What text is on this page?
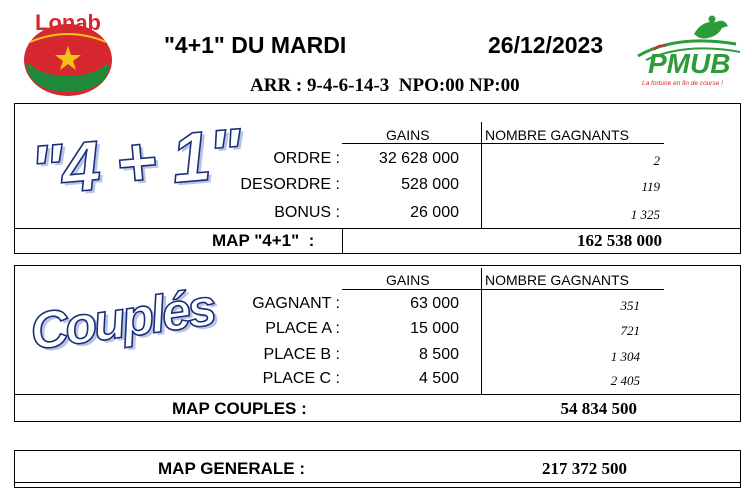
Lonab
"4+1" DU MARDI	26/12/2023
ARR : 9-4-6-14-3  NPO:00 NP:00
PMUB
La fortune en fin de course !
"4 + 1"	GAINS	NOMBRE GAGNANTS
ORDRE :	32 628 000	2
DESORDRE :	528 000	119
BONUS :	26 000	1 325
MAP "4+1"  :	162 538 000
Couplés	GAINS	NOMBRE GAGNANTS
GAGNANT :	63 000	351
PLACE A :	15 000	721
PLACE B :	8 500	1 304
PLACE C :	4 500	2 405
MAP COUPLES :	54 834 500
MAP GENERALE :	217 372 500
